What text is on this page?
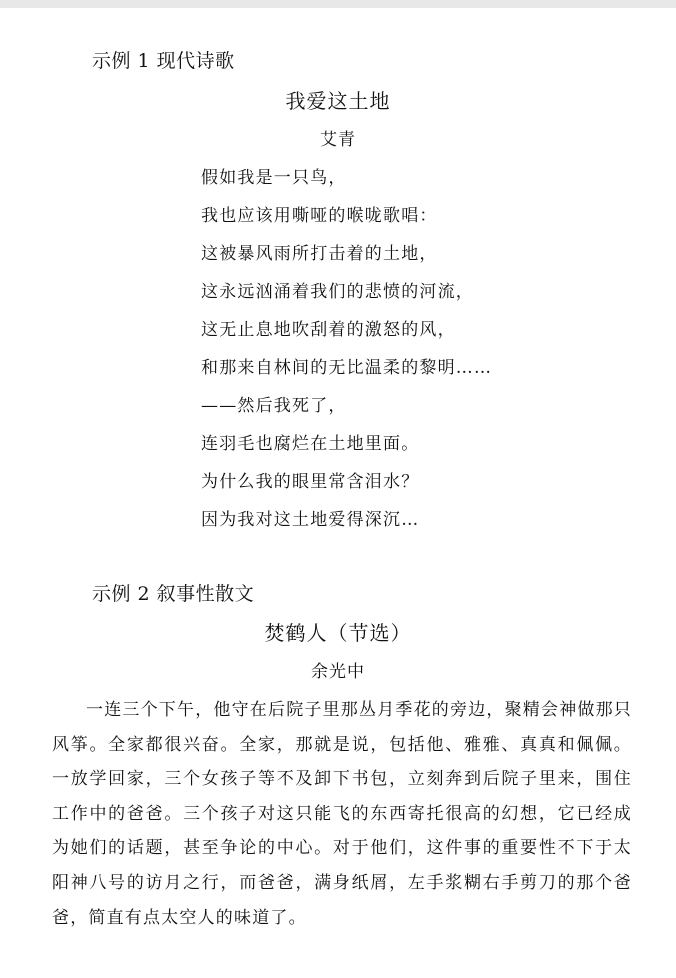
示例 1 现代诗歌

我爱这土地

艾青

假如我是一只鸟，

我也应该用嘶哑的喉咙歌唱：

这被暴风雨所打击着的土地，

这永远汹涌着我们的悲愤的河流，

这无止息地吹刮着的激怒的风，

和那来自林间的无比温柔的黎明……

——然后我死了，

连羽毛也腐烂在土地里面。

为什么我的眼里常含泪水？

因为我对这土地爱得深沉…

示例 2 叙事性散文

焚鹤人（节选）

余光中

一连三个下午，他守在后院子里那丛月季花的旁边，聚精会神做那只风筝。全家都很兴奋。全家，那就是说，包括他、雅雅、真真和佩佩。一放学回家，三个女孩子等不及卸下书包，立刻奔到后院子里来，围住工作中的爸爸。三个孩子对这只能飞的东西寄托很高的幻想，它已经成为她们的话题，甚至争论的中心。对于他们，这件事的重要性不下于太阳神八号的访月之行，而爸爸，满身纸屑，左手浆糊右手剪刀的那个爸爸，简直有点太空人的味道了。
